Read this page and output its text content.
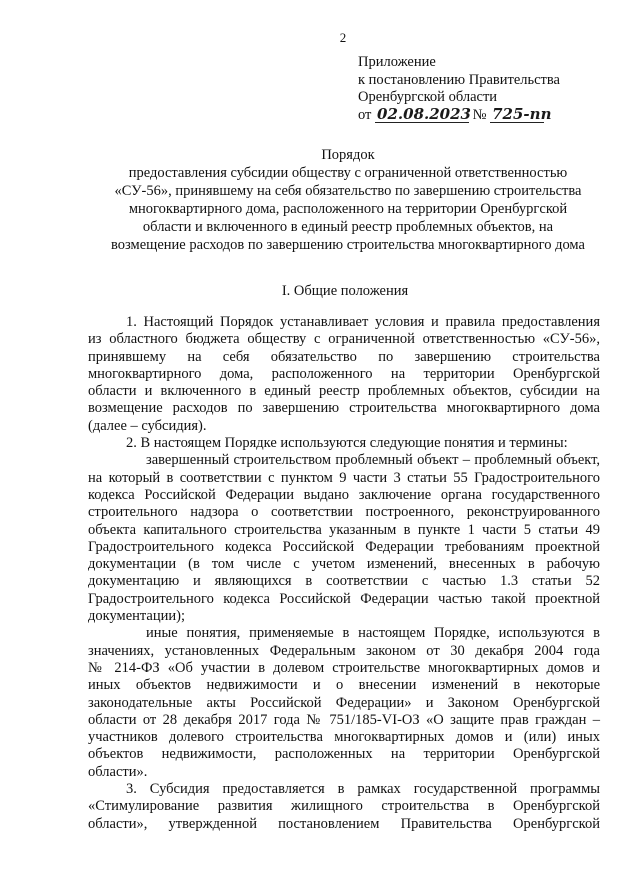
2
Приложение
к постановлению Правительства
Оренбургской области
от 02.08.2023 № 725-пп
Порядок
предоставления субсидии обществу с ограниченной ответственностью
«СУ-56», принявшему на себя обязательство по завершению строительства
многоквартирного дома, расположенного на территории Оренбургской
области и включенного в единый реестр проблемных объектов, на
возмещение расходов по завершению строительства многоквартирного дома
I. Общие положения
1. Настоящий Порядок устанавливает условия и правила предоставления
из областного бюджета обществу с ограниченной ответственностью «СУ-56»,
принявшему на себя обязательство по завершению строительства
многоквартирного дома, расположенного на территории Оренбургской
области и включенного в единый реестр проблемных объектов, субсидии на
возмещение расходов по завершению строительства многоквартирного дома
(далее – субсидия).
2. В настоящем Порядке используются следующие понятия и термины:
завершенный строительством проблемный объект – проблемный объект,
на который в соответствии с пунктом 9 части 3 статьи 55 Градостроительного
кодекса Российской Федерации выдано заключение органа государственного
строительного надзора о соответствии построенного, реконструированного
объекта капитального строительства указанным в пункте 1 части 5 статьи 49
Градостроительного кодекса Российской Федерации требованиям проектной
документации (в том числе с учетом изменений, внесенных в рабочую
документацию и являющихся в соответствии с частью 1.3 статьи 52
Градостроительного кодекса Российской Федерации частью такой проектной
документации);
иные понятия, применяемые в настоящем Порядке, используются в
значениях, установленных Федеральным законом от 30 декабря 2004 года
№ 214-ФЗ «Об участии в долевом строительстве многоквартирных домов и
иных объектов недвижимости и о внесении изменений в некоторые
законодательные акты Российской Федерации» и Законом Оренбургской
области от 28 декабря 2017 года № 751/185-VI-ОЗ «О защите прав граждан –
участников долевого строительства многоквартирных домов и (или) иных
объектов недвижимости, расположенных на территории Оренбургской
области».
3. Субсидия предоставляется в рамках государственной программы
«Стимулирование развития жилищного строительства в Оренбургской
области», утвержденной постановлением Правительства Оренбургской
